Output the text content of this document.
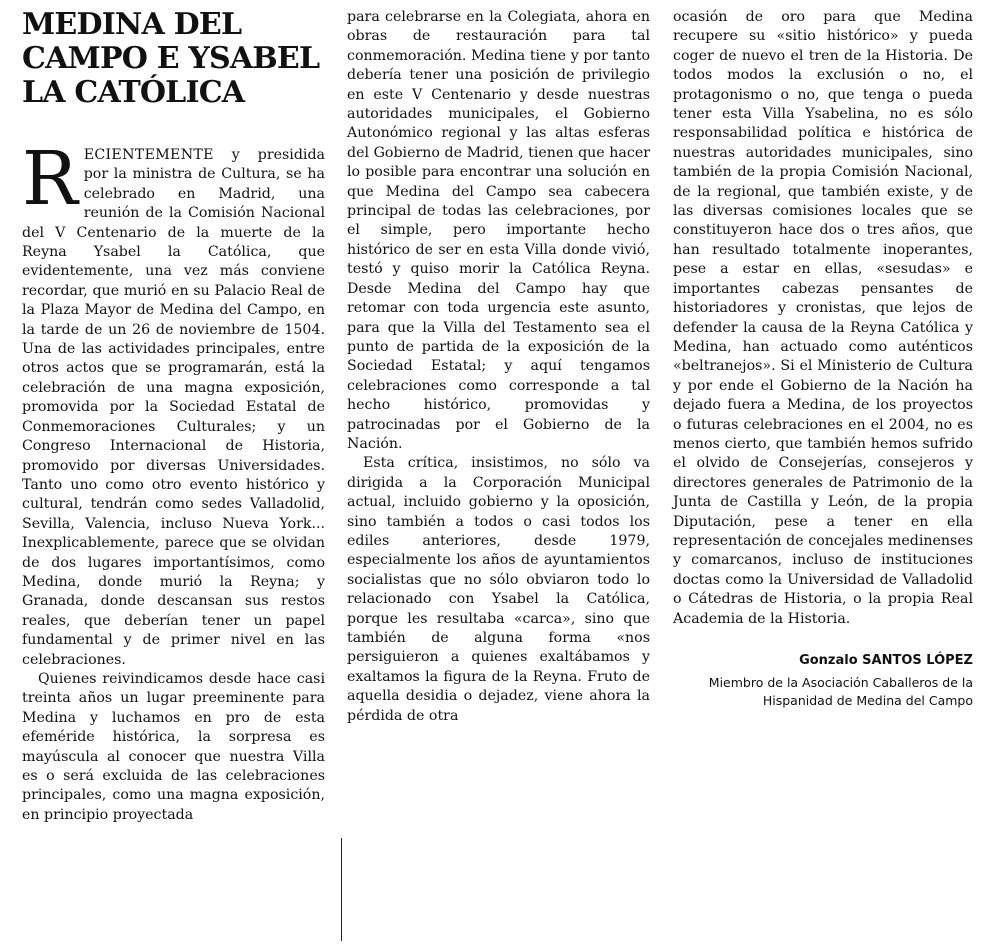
MEDINA DEL CAMPO E YSABEL LA CATÓLICA

RECIENTEMENTE y presidida por la ministra de Cultura, se ha celebrado en Madrid, una reunión de la Comisión Nacional del V Centenario de la muerte de la Reyna Ysabel la Católica, que evidentemente, una vez más conviene recordar, que murió en su Palacio Real de la Plaza Mayor de Medina del Campo, en la tarde de un 26 de noviembre de 1504. Una de las actividades principales, entre otros actos que se programarán, está la celebración de una magna exposición, promovida por la Sociedad Estatal de Conmemoraciones Culturales; y un Congreso Internacional de Historia, promovido por diversas Universidades. Tanto uno como otro evento histórico y cultural, tendrán como sedes Valladolid, Sevilla, Valencia, incluso Nueva York... Inexplicablemente, parece que se olvidan de dos lugares importantísimos, como Medina, donde murió la Reyna; y Granada, donde descansan sus restos reales, que deberían tener un papel fundamental y de primer nivel en las celebraciones.

Quienes reivindicamos desde hace casi treinta años un lugar preeminente para Medina y luchamos en pro de esta efeméride histórica, la sorpresa es mayúscula al conocer que nuestra Villa es o será excluida de las celebraciones principales, como una magna exposición, en principio proyectada

para celebrarse en la Colegiata, ahora en obras de restauración para tal conmemoración. Medina tiene y por tanto debería tener una posición de privilegio en este V Centenario y desde nuestras autoridades municipales, el Gobierno Autonómico regional y las altas esferas del Gobierno de Madrid, tienen que hacer lo posible para encontrar una solución en que Medina del Campo sea cabecera principal de todas las celebraciones, por el simple, pero importante hecho histórico de ser en esta Villa donde vivió, testó y quiso morir la Católica Reyna. Desde Medina del Campo hay que retomar con toda urgencia este asunto, para que la Villa del Testamento sea el punto de partida de la exposición de la Sociedad Estatal; y aquí tengamos celebraciones como corresponde a tal hecho histórico, promovidas y patrocinadas por el Gobierno de la Nación.

Esta crítica, insistimos, no sólo va dirigida a la Corporación Municipal actual, incluido gobierno y la oposición, sino también a todos o casi todos los ediles anteriores, desde 1979, especialmente los años de ayuntamientos socialistas que no sólo obviaron todo lo relacionado con Ysabel la Católica, porque les resultaba «carca», sino que también de alguna forma «nos persiguieron a quienes exaltábamos y exaltamos la figura de la Reyna. Fruto de aquella desidia o dejadez, viene ahora la pérdida de otra

ocasión de oro para que Medina recupere su «sitio histórico» y pueda coger de nuevo el tren de la Historia. De todos modos la exclusión o no, el protagonismo o no, que tenga o pueda tener esta Villa Ysabelina, no es sólo responsabilidad política e histórica de nuestras autoridades municipales, sino también de la propia Comisión Nacional, de la regional, que también existe, y de las diversas comisiones locales que se constituyeron hace dos o tres años, que han resultado totalmente inoperantes, pese a estar en ellas, «sesudas» e importantes cabezas pensantes de historiadores y cronistas, que lejos de defender la causa de la Reyna Católica y Medina, han actuado como auténticos «beltranejos». Si el Ministerio de Cultura y por ende el Gobierno de la Nación ha dejado fuera a Medina, de los proyectos o futuras celebraciones en el 2004, no es menos cierto, que también hemos sufrido el olvido de Consejerías, consejeros y directores generales de Patrimonio de la Junta de Castilla y León, de la propia Diputación, pese a tener en ella representación de concejales medinenses y comarcanos, incluso de instituciones doctas como la Universidad de Valladolid o Cátedras de Historia, o la propia Real Academia de la Historia.

Gonzalo SANTOS LÓPEZ
Miembro de la Asociación Caballeros de la
Hispanidad de Medina del Campo
